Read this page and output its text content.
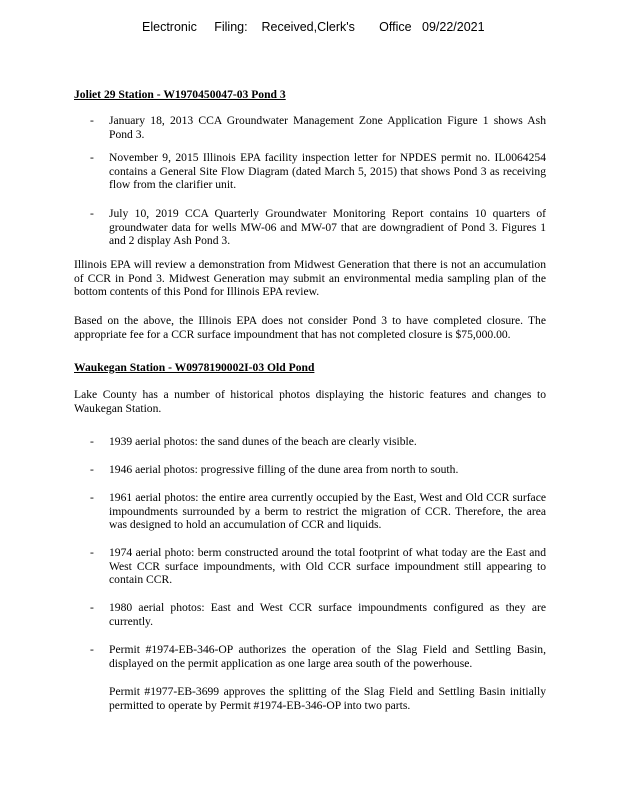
Electronic     Filing:    Received,Clerk's       Office   09/22/2021
Joliet 29 Station - W1970450047-03 Pond 3
- January 18, 2013 CCA Groundwater Management Zone Application Figure 1 shows Ash Pond 3.
- November 9, 2015 Illinois EPA facility inspection letter for NPDES permit no. IL0064254 contains a General Site Flow Diagram (dated March 5, 2015) that shows Pond 3 as receiving flow from the clarifier unit.
- July 10, 2019 CCA Quarterly Groundwater Monitoring Report contains 10 quarters of groundwater data for wells MW-06 and MW-07 that are downgradient of Pond 3. Figures 1 and 2 display Ash Pond 3.
Illinois EPA will review a demonstration from Midwest Generation that there is not an accumulation of CCR in Pond 3. Midwest Generation may submit an environmental media sampling plan of the bottom contents of this Pond for Illinois EPA review.
Based on the above, the Illinois EPA does not consider Pond 3 to have completed closure. The appropriate fee for a CCR surface impoundment that has not completed closure is $75,000.00.
Waukegan Station - W0978190002I-03 Old Pond
Lake County has a number of historical photos displaying the historic features and changes to Waukegan Station.
- 1939 aerial photos: the sand dunes of the beach are clearly visible.
- 1946 aerial photos: progressive filling of the dune area from north to south.
- 1961 aerial photos: the entire area currently occupied by the East, West and Old CCR surface impoundments surrounded by a berm to restrict the migration of CCR. Therefore, the area was designed to hold an accumulation of CCR and liquids.
- 1974 aerial photo: berm constructed around the total footprint of what today are the East and West CCR surface impoundments, with Old CCR surface impoundment still appearing to contain CCR.
- 1980 aerial photos: East and West CCR surface impoundments configured as they are currently.
- Permit #1974-EB-346-OP authorizes the operation of the Slag Field and Settling Basin, displayed on the permit application as one large area south of the powerhouse.
Permit #1977-EB-3699 approves the splitting of the Slag Field and Settling Basin initially permitted to operate by Permit #1974-EB-346-OP into two parts.
